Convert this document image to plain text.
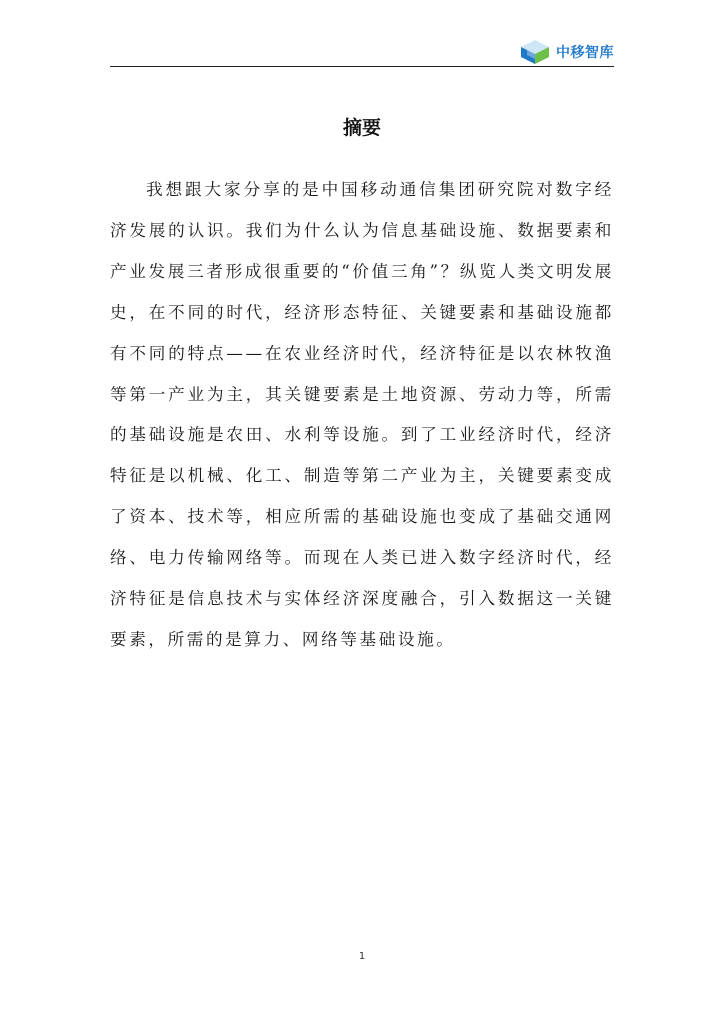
中移智库
摘要

我想跟大家分享的是中国移动通信集团研究院对数字经济发展的认识。我们为什么认为信息基础设施、数据要素和产业发展三者形成很重要的“价值三角”？纵览人类文明发展史，在不同的时代，经济形态特征、关键要素和基础设施都有不同的特点——在农业经济时代，经济特征是以农林牧渔等第一产业为主，其关键要素是土地资源、劳动力等，所需的基础设施是农田、水利等设施。到了工业经济时代，经济特征是以机械、化工、制造等第二产业为主，关键要素变成了资本、技术等，相应所需的基础设施也变成了基础交通网络、电力传输网络等。而现在人类已进入数字经济时代，经济特征是信息技术与实体经济深度融合，引入数据这一关键要素，所需的是算力、网络等基础设施。

1
